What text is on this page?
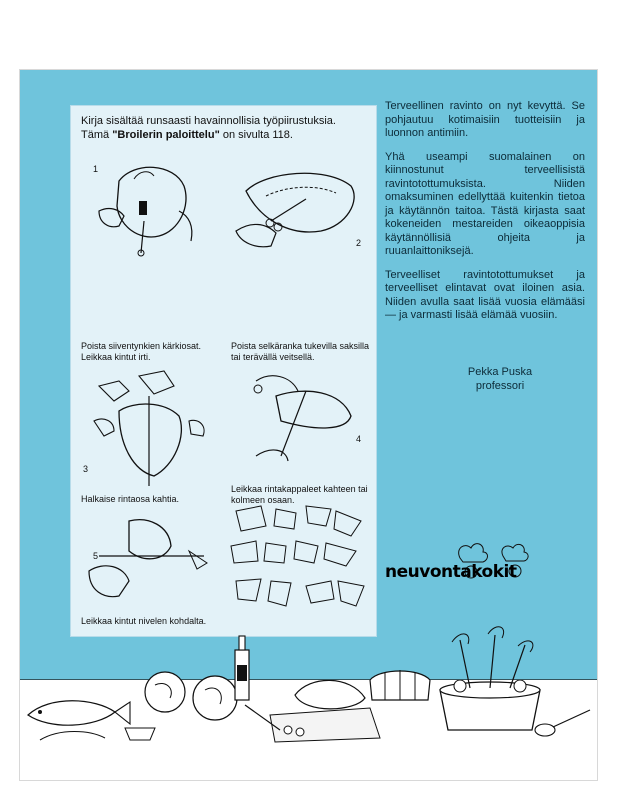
Kirja sisältää runsaasti havainnollisia työpiirustuksia.
Tämä "Broilerin paloittelu" on sivulta 118.
1
Poista siiventynkien kärkiosat. Leikkaa kintut irti.
2
Poista selkäranka tukevilla saksilla tai terävällä veitsellä.
3
Halkaise rintaosa kahtia.
4
Leikkaa rintakappaleet kahteen tai kolmeen osaan.
5
Leikkaa kintut nivelen kohdalta.

Terveellinen ravinto on nyt kevyttä. Se pohjautuu kotimaisiin tuotteisiin ja luonnon antimiin.

Yhä useampi suomalainen on kiinnostunut terveellisistä ravintotottumuksista. Niiden omaksuminen edellyttää kuitenkin tietoa ja käytännön taitoa. Tästä kirjasta saat kokeneiden mestareiden oikeaoppisia käytännöllisiä ohjeita ja ruuanlaittoniksejä.

Terveelliset ravintotottumukset ja terveelliset elintavat ovat iloinen asia. Niiden avulla saat lisää vuosia elämääsi — ja varmasti lisää elämää vuosiin.

Pekka Puska
professori
neuvontakokit
